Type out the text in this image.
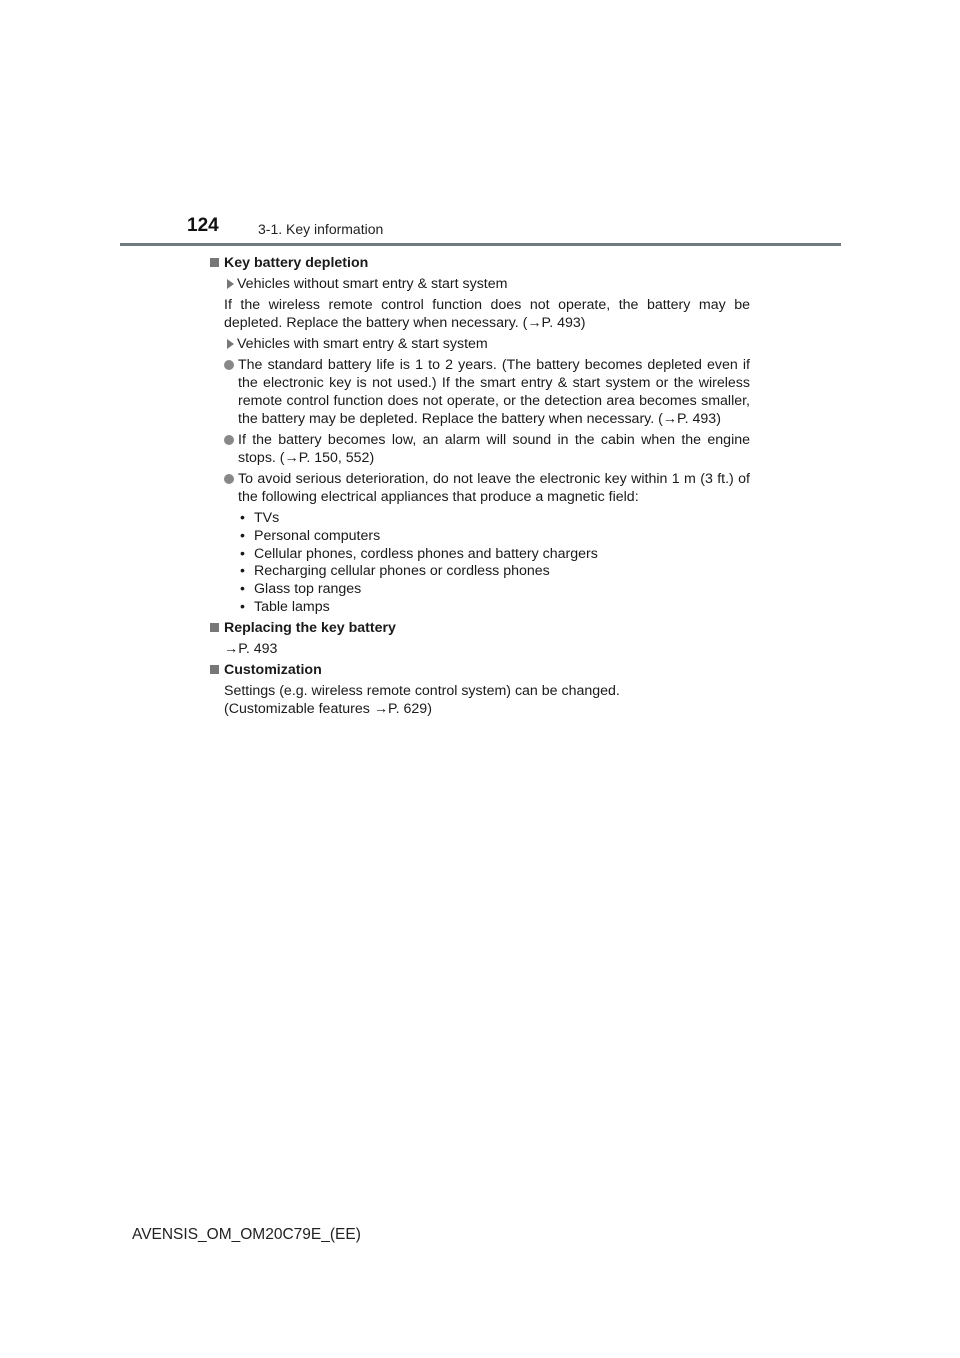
124	3-1. Key information
Key battery depletion
Vehicles without smart entry & start system

If the wireless remote control function does not operate, the battery may be depleted. Replace the battery when necessary. (→P. 493)

Vehicles with smart entry & start system
The standard battery life is 1 to 2 years. (The battery becomes depleted even if the electronic key is not used.) If the smart entry & start system or the wireless remote control function does not operate, or the detection area becomes smaller, the battery may be depleted. Replace the battery when necessary. (→P. 493)
If the battery becomes low, an alarm will sound in the cabin when the engine stops. (→P. 150, 552)
To avoid serious deterioration, do not leave the electronic key within 1 m (3 ft.) of the following electrical appliances that produce a magnetic field:
• TVs
• Personal computers
• Cellular phones, cordless phones and battery chargers
• Recharging cellular phones or cordless phones
• Glass top ranges
• Table lamps
Replacing the key battery

→P. 493

Customization

Settings (e.g. wireless remote control system) can be changed.

(Customizable features →P. 629)

AVENSIS_OM_OM20C79E_(EE)
